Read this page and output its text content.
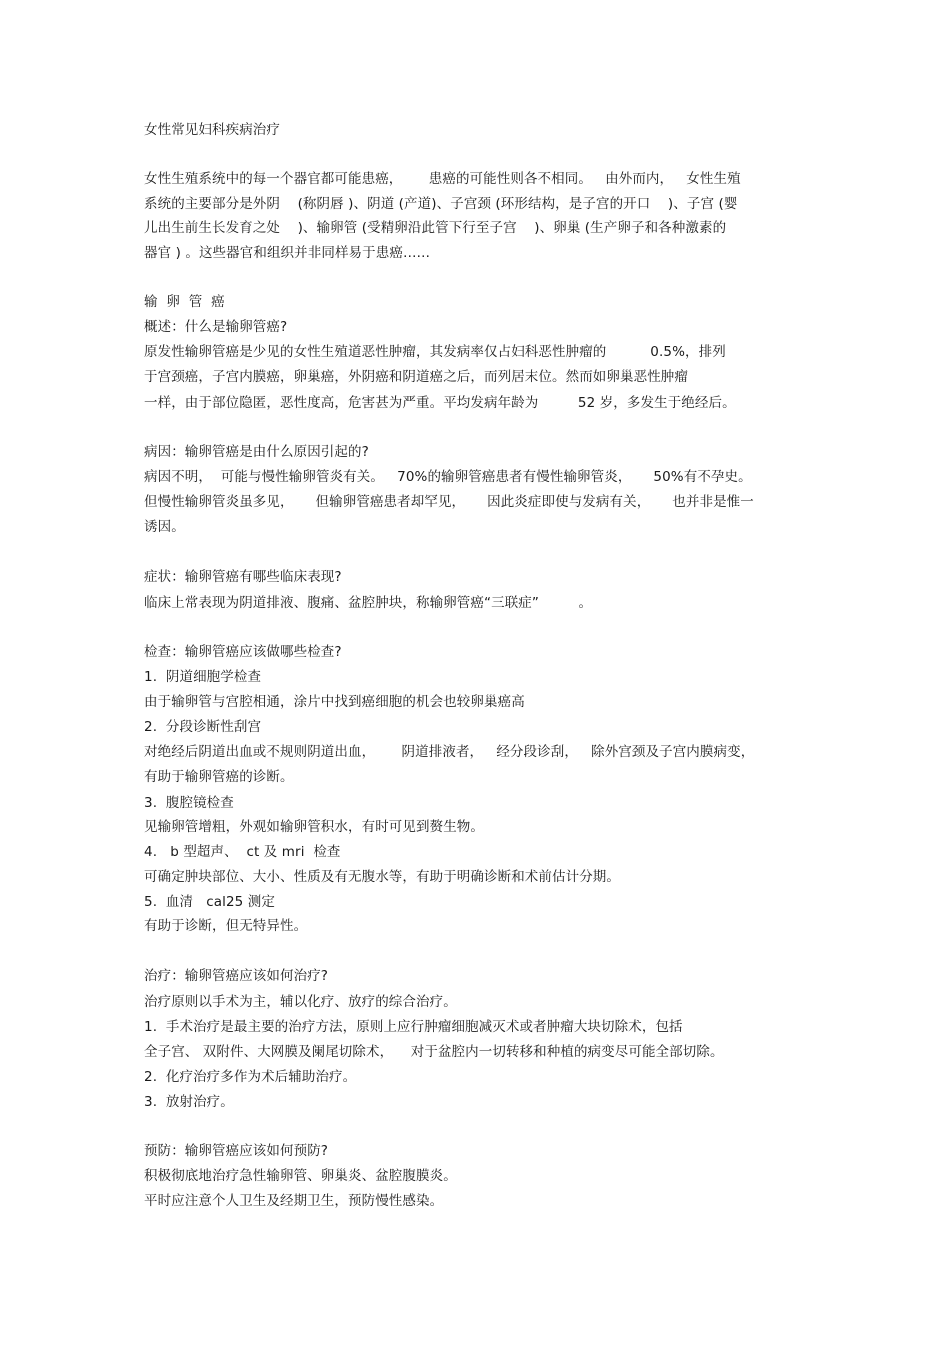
女性常见妇科疾病治疗
女性生殖系统中的每一个器官都可能患癌，      患癌的可能性则各不相同。   由外而内，   女性生殖
系统的主要部分是外阴    (称阴唇 )、阴道 (产道)、子宫颈 (环形结构，是子宫的开口    )、子宫 (婴
儿出生前生长发育之处    )、输卵管 (受精卵沿此管下行至子宫    )、卵巢 (生产卵子和各种激素的
器官 ) 。这些器官和组织并非同样易于患癌……
输  卵  管  癌
概述：什么是输卵管癌?
原发性输卵管癌是少见的女性生殖道恶性肿瘤，其发病率仅占妇科恶性肿瘤的          0.5%，排列
于宫颈癌，子宫内膜癌，卵巢癌，外阴癌和阴道癌之后，而列居末位。然而如卵巢恶性肿瘤
一样，由于部位隐匿，恶性度高，危害甚为严重。平均发病年龄为         52 岁，多发生于绝经后。
病因：输卵管癌是由什么原因引起的?
病因不明，  可能与慢性输卵管炎有关。   70%的输卵管癌患者有慢性输卵管炎，     50%有不孕史。
但慢性输卵管炎虽多见，     但输卵管癌患者却罕见，     因此炎症即使与发病有关，     也并非是惟一
诱因。
症状：输卵管癌有哪些临床表现?
临床上常表现为阴道排液、腹痛、盆腔肿块，称输卵管癌“三联症”         。
检查：输卵管癌应该做哪些检查?
1.  阴道细胞学检查
由于输卵管与宫腔相通，涂片中找到癌细胞的机会也较卵巢癌高
2.  分段诊断性刮宫
对绝经后阴道出血或不规则阴道出血，      阴道排液者，   经分段诊刮，   除外宫颈及子宫内膜病变，
有助于输卵管癌的诊断。
3.  腹腔镜检查
见输卵管增粗，外观如输卵管积水，有时可见到赘生物。
4.   b 型超声、  ct 及 mri  检查
可确定肿块部位、大小、性质及有无腹水等，有助于明确诊断和术前估计分期。
5.  血清   cal25 测定
有助于诊断，但无特异性。
治疗：输卵管癌应该如何治疗?
治疗原则以手术为主，辅以化疗、放疗的综合治疗。
1.  手术治疗是最主要的治疗方法，原则上应行肿瘤细胞减灭术或者肿瘤大块切除术，包括
全子宫、 双附件、大网膜及阑尾切除术，    对于盆腔内一切转移和种植的病变尽可能全部切除。
2.  化疗治疗多作为术后辅助治疗。
3.  放射治疗。
预防：输卵管癌应该如何预防?
积极彻底地治疗急性输卵管、卵巢炎、盆腔腹膜炎。
平时应注意个人卫生及经期卫生，预防慢性感染。
